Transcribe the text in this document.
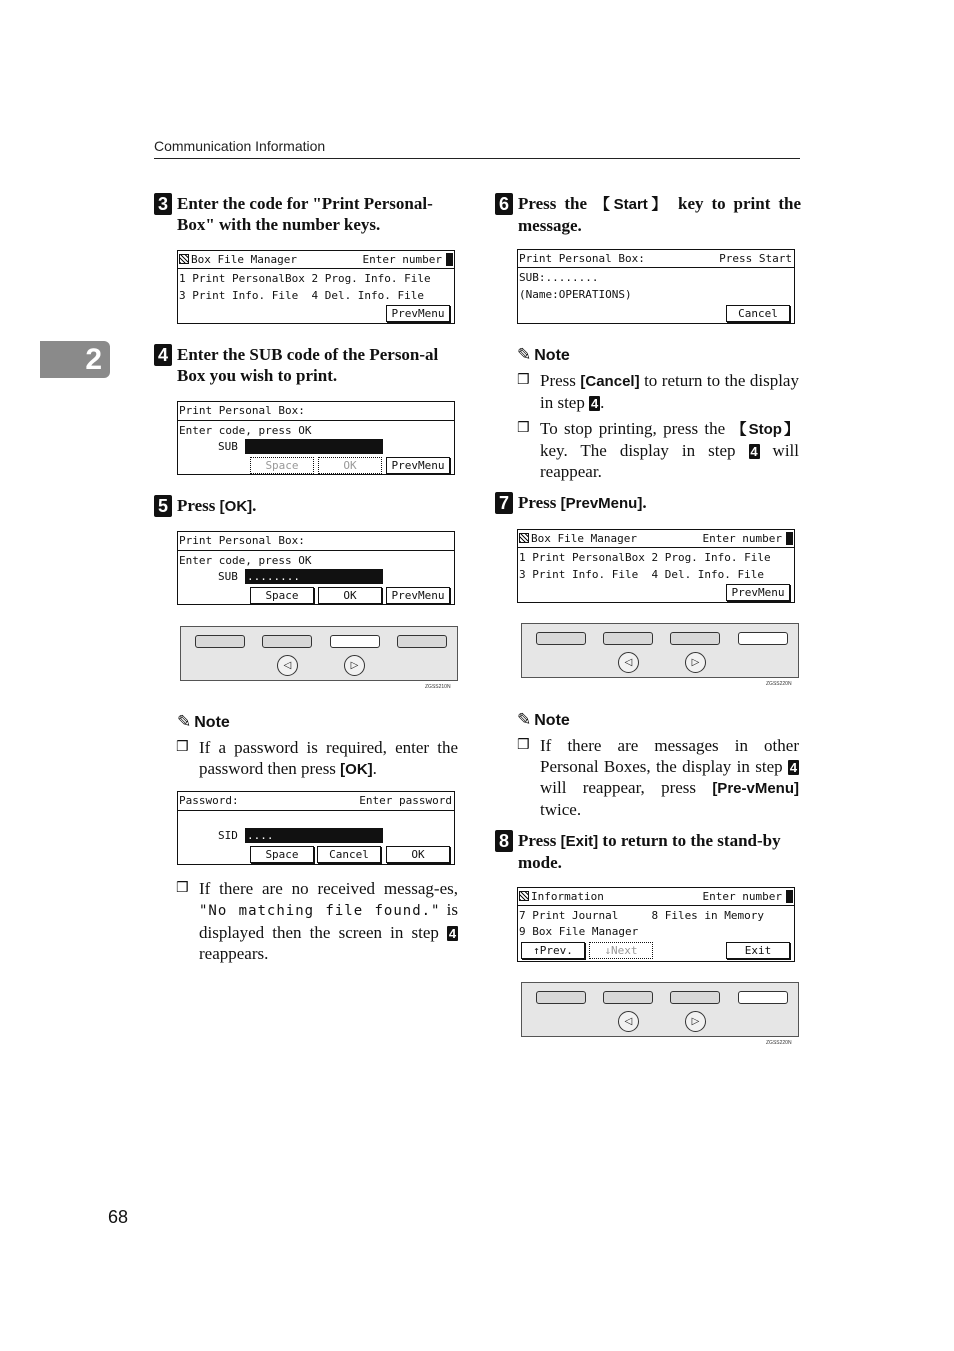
Communication Information
2
3 Enter the code for "Print Personal-Box" with the number keys.
Box File Manager	Enter number
1 Print PersonalBox 2 Prog. Info. File
3 Print Info. File  4 Del. Info. File
PrevMenu
4 Enter the SUB code of the Person-al Box you wish to print.
Print Personal Box:
Enter code, press OK
SUB
Space	OK	PrevMenu
5 Press [OK].
Print Personal Box:
Enter code, press OK
SUB ........
Space	OK	PrevMenu
◁	▷
ZGSS210N
✎ Note
❒ If a password is required, enter the password then press [OK].
Password:	Enter password
SID ....
Space	Cancel	OK
❒ If there are no received messag-es, "No matching file found." is displayed then the screen in step 4 reappears.
6 Press the 【Start】 key to print the message.
Print Personal Box:	Press Start
SUB:........
(Name:OPERATIONS)
Cancel
✎ Note
❒ Press [Cancel] to return to the display in step 4 .
❒ To stop printing, press the 【Stop】 key. The display in step 4 will reappear.
7 Press [PrevMenu].
Box File Manager	Enter number
1 Print PersonalBox 2 Prog. Info. File
3 Print Info. File  4 Del. Info. File
PrevMenu
◁	▷
ZGSS220N
✎ Note
❒ If there are messages in other Personal Boxes, the display in step 4 will reappear, press [Pre-vMenu] twice.
8 Press [Exit] to return to the stand-by mode.
Information	Enter number
7 Print Journal     8 Files in Memory
9 Box File Manager
↑Prev.	↓Next	Exit
◁	▷
ZGSS220N
68
